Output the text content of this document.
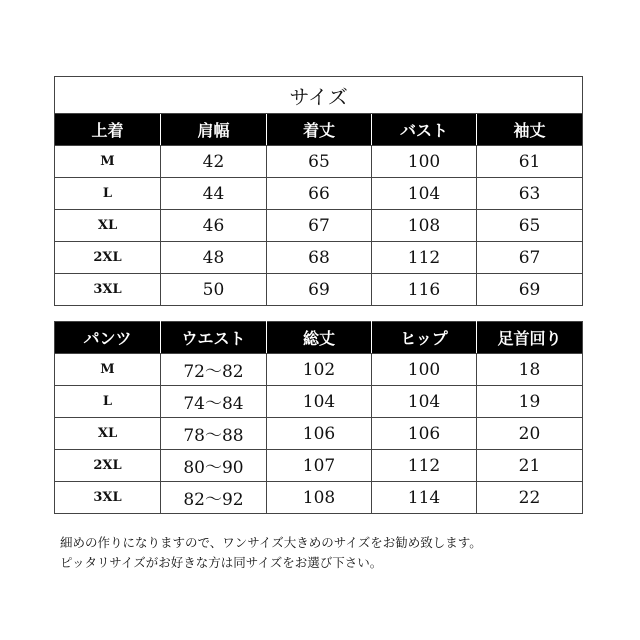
サイズ				
上着	肩幅	着丈	バスト	袖丈
M	42	65	100	61
L	44	66	104	63
XL	46	67	108	65
2XL	48	68	112	67
3XL	50	69	116	69
パンツ	ウエスト	総丈	ヒップ	足首回り
M	72～82	102	100	18
L	74～84	104	104	19
XL	78～88	106	106	20
2XL	80～90	107	112	21
3XL	82～92	108	114	22
細めの作りになりますので、ワンサイズ大きめのサイズをお勧め致します。
ピッタリサイズがお好きな方は同サイズをお選び下さい。
